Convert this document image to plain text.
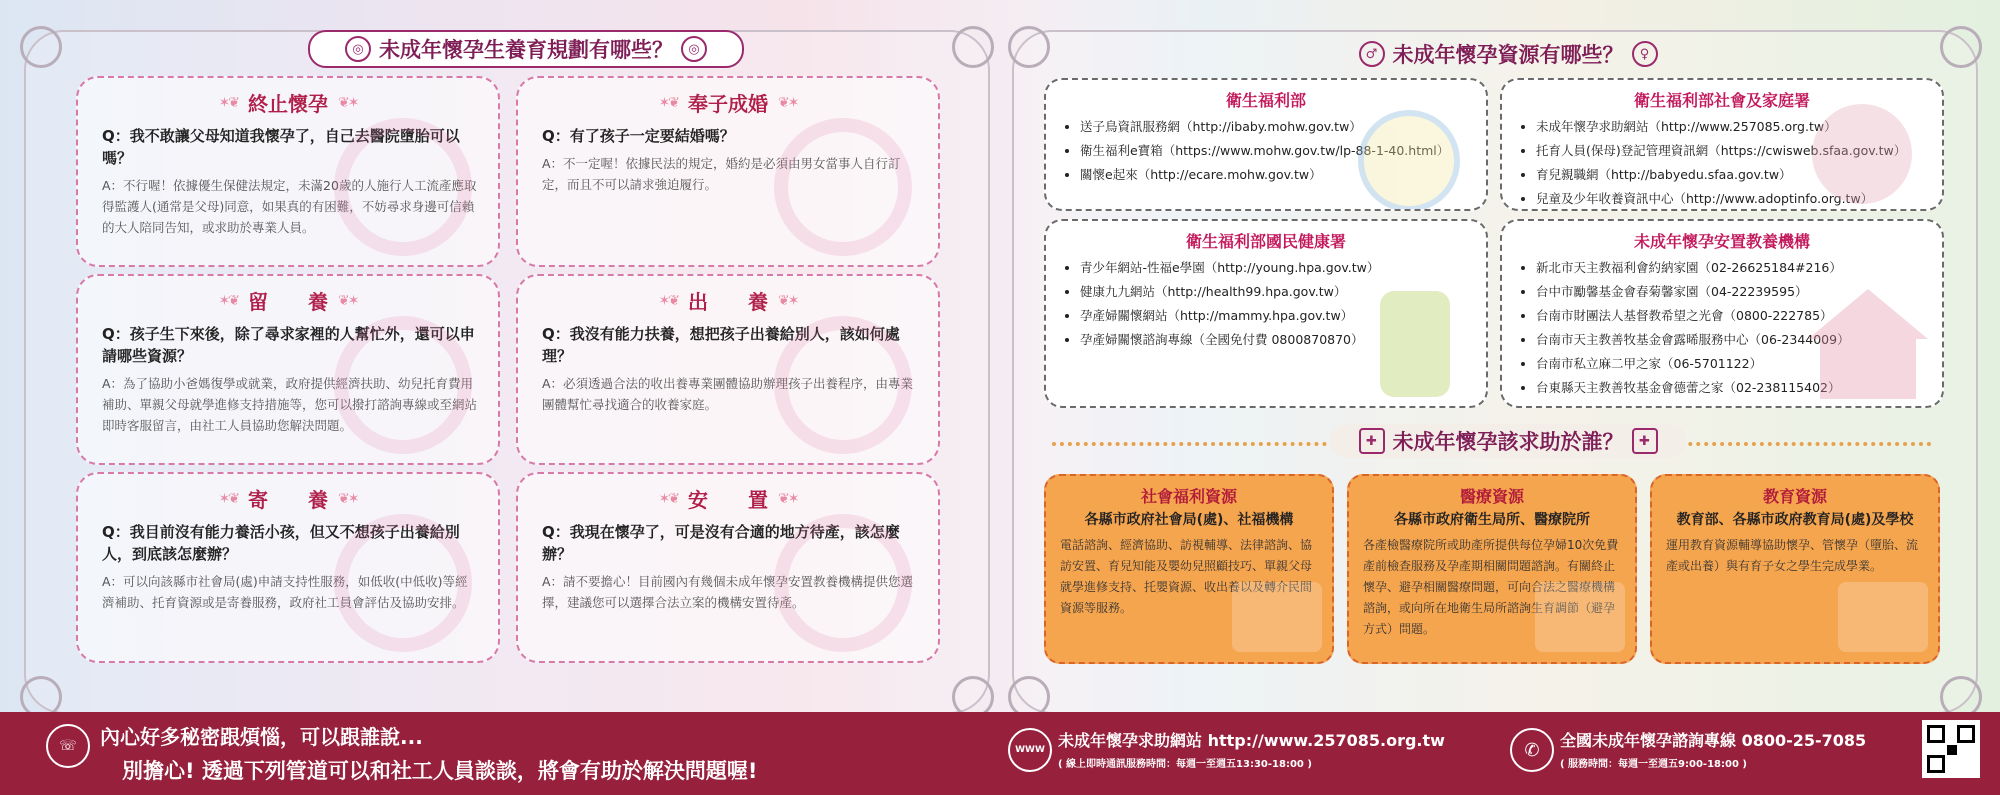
◎ 未成年懷孕生養育規劃有哪些？	◎
✶❦ 終止懷孕 ❦✶
Q：我不敢讓父母知道我懷孕了，自己去醫院墮胎可以嗎？
A：不行喔！依據優生保健法規定，未滿20歲的人施行人工流產應取得監護人(通常是父母)同意，如果真的有困難，不妨尋求身邊可信賴的大人陪同告知，或求助於專業人員。
✶❦ 奉子成婚 ❦✶
Q：有了孩子一定要結婚嗎？
A：不一定喔！依據民法的規定，婚約是必須由男女當事人自行訂定，而且不可以請求強迫履行。
✶❦ 留　　養 ❦✶
Q：孩子生下來後，除了尋求家裡的人幫忙外，還可以申請哪些資源？
A：為了協助小爸媽復學或就業，政府提供經濟扶助、幼兒托育費用補助、單親父母就學進修支持措施等，您可以撥打諮詢專線或至網站即時客服留言，由社工人員協助您解決問題。
✶❦ 出　　養 ❦✶
Q：我沒有能力扶養，想把孩子出養給別人，該如何處理？
A：必須透過合法的收出養專業團體協助辦理孩子出養程序，由專業團體幫忙尋找適合的收養家庭。
✶❦ 寄　　養 ❦✶
Q：我目前沒有能力養活小孩，但又不想孩子出養給別人，到底該怎麼辦？
A：可以向該縣市社會局(處)申請支持性服務，如低收(中低收)等經濟補助、托育資源或是寄養服務，政府社工員會評估及協助安排。
✶❦ 安　　置 ❦✶
Q：我現在懷孕了，可是沒有合適的地方待產，該怎麼辦？
A：請不要擔心！目前國內有幾個未成年懷孕安置教養機構提供您選擇，建議您可以選擇合法立案的機構安置待產。
♂ 未成年懷孕資源有哪些？	♀
衛生福利部
• 送子鳥資訊服務網（http://ibaby.mohw.gov.tw）
• 衛生福利e寶箱（https://www.mohw.gov.tw/lp-88-1-40.html）
• 關懷e起來（http://ecare.mohw.gov.tw）
衛生福利部社會及家庭署
• 未成年懷孕求助網站（http://www.257085.org.tw）
• 托育人員(保母)登記管理資訊網（https://cwisweb.sfaa.gov.tw）
• 育兒親職網（http://babyedu.sfaa.gov.tw）
• 兒童及少年收養資訊中心（http://www.adoptinfo.org.tw）
衛生福利部國民健康署
• 青少年網站-性福e學園（http://young.hpa.gov.tw）
• 健康九九網站（http://health99.hpa.gov.tw）
• 孕產婦關懷網站（http://mammy.hpa.gov.tw）
• 孕產婦關懷諮詢專線（全國免付費 0800870870）
未成年懷孕安置教養機構
• 新北市天主教福利會約納家園（02-26625184#216）
• 台中市勵馨基金會春菊馨家園（04-22239595）
• 台南市財團法人基督教希望之光會（0800-222785）
• 台南市天主教善牧基金會露晞服務中心（06-2344009）
• 台南市私立麻二甲之家（06-5701122）
• 台東縣天主教善牧基金會德蕾之家（02-238115402）
✚ 未成年懷孕該求助於誰？	✚
社會福利資源
各縣市政府社會局(處)、社福機構

電話諮詢、經濟協助、訪視輔導、法律諮詢、協訪安置、育兒知能及嬰幼兒照顧技巧、單親父母就學進修支持、托嬰資源、收出養以及轉介民間資源等服務。

醫療資源
各縣市政府衛生局所、醫療院所

各產檢醫療院所或助產所提供每位孕婦10次免費產前檢查服務及孕產期相關問題諮詢。有關終止懷孕、避孕相關醫療問題，可向合法之醫療機構諮詢，或向所在地衛生局所諮詢生育調節（避孕方式）問題。

教育資源
教育部、各縣市政府教育局(處)及學校

運用教育資源輔導協助懷孕、管懷孕（墮胎、流產或出養）與有育子女之學生完成學業。

☏	內心好多秘密跟煩惱，可以跟誰說...
別擔心! 透過下列管道可以和社工人員談談，將會有助於解決問題喔!
WWW 未成年懷孕求助網站 http://www.257085.org.tw
( 線上即時通訊服務時間：每週一至週五13:30-18:00 )
✆	全國未成年懷孕諮詢專線 0800-25-7085
( 服務時間：每週一至週五9:00-18:00 )
